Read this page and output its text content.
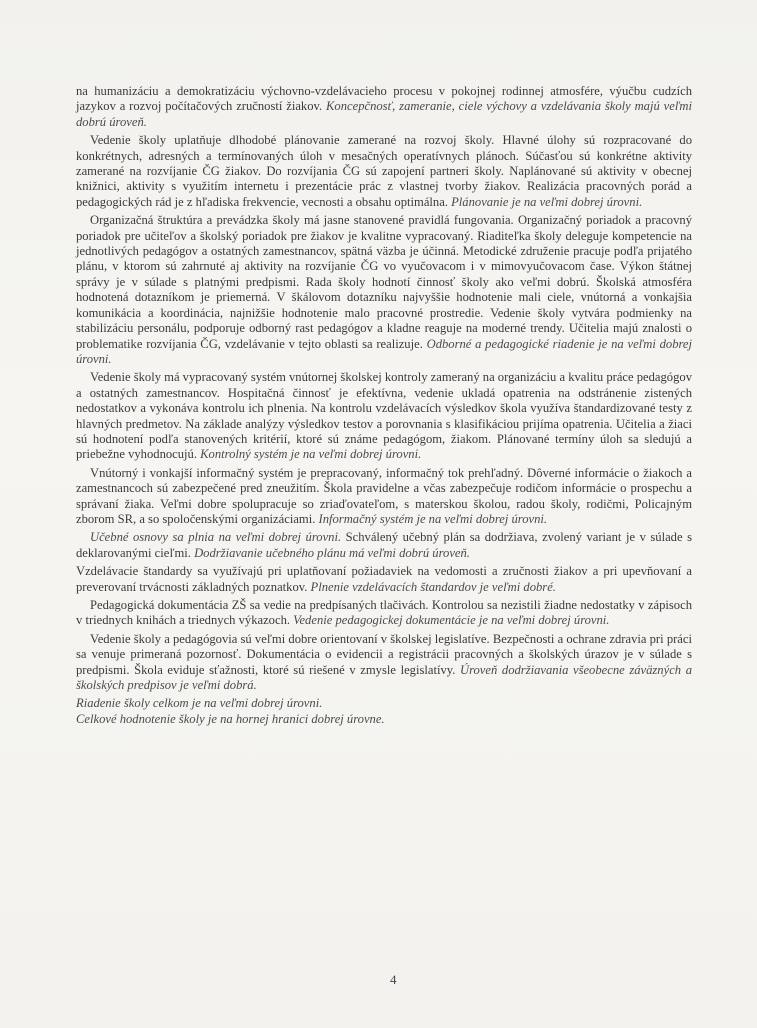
na humanizáciu a demokratizáciu výchovno-vzdelávacieho procesu v pokojnej rodinnej atmosfére, výučbu cudzích jazykov a rozvoj počítačových zručností žiakov. Koncepčnosť, zameranie, ciele výchovy a vzdelávania školy majú veľmi dobrú úroveň.

Vedenie školy uplatňuje dlhodobé plánovanie zamerané na rozvoj školy. Hlavné úlohy sú rozpracované do konkrétnych, adresných a termínovaných úloh v mesačných operatívnych plánoch. Súčasťou sú konkrétne aktivity zamerané na rozvíjanie ČG žiakov. Do rozvíjania ČG sú zapojení partneri školy. Naplánované sú aktivity v obecnej knižnici, aktivity s využitím internetu i prezentácie prác z vlastnej tvorby žiakov. Realizácia pracovných porád a pedagogických rád je z hľadiska frekvencie, vecnosti a obsahu optimálna. Plánovanie je na veľmi dobrej úrovni.

Organizačná štruktúra a prevádzka školy má jasne stanovené pravidlá fungovania. Organizačný poriadok a pracovný poriadok pre učiteľov a školský poriadok pre žiakov je kvalitne vypracovaný. Riaditeľka školy deleguje kompetencie na jednotlivých pedagógov a ostatných zamestnancov, spätná väzba je účinná. Metodické združenie pracuje podľa prijatého plánu, v ktorom sú zahrnuté aj aktivity na rozvíjanie ČG vo vyučovacom i v mimovyučovacom čase. Výkon štátnej správy je v súlade s platnými predpismi. Rada školy hodnotí činnosť školy ako veľmi dobrú. Školská atmosféra hodnotená dotazníkom je priemerná. V škálovom dotazníku najvyššie hodnotenie mali ciele, vnútorná a vonkajšia komunikácia a koordinácia, najnižšie hodnotenie malo pracovné prostredie. Vedenie školy vytvára podmienky na stabilizáciu personálu, podporuje odborný rast pedagógov a kladne reaguje na moderné trendy. Učitelia majú znalosti o problematike rozvíjania ČG, vzdelávanie v tejto oblasti sa realizuje. Odborné a pedagogické riadenie je na veľmi dobrej úrovni.

Vedenie školy má vypracovaný systém vnútornej školskej kontroly zameraný na organizáciu a kvalitu práce pedagógov a ostatných zamestnancov. Hospitačná činnosť je efektívna, vedenie ukladá opatrenia na odstránenie zistených nedostatkov a vykonáva kontrolu ich plnenia. Na kontrolu vzdelávacích výsledkov škola využíva štandardizované testy z hlavných predmetov. Na základe analýzy výsledkov testov a porovnania s klasifikáciou prijíma opatrenia. Učitelia a žiaci sú hodnotení podľa stanovených kritérií, ktoré sú známe pedagógom, žiakom. Plánované termíny úloh sa sledujú a priebežne vyhodnocujú. Kontrolný systém je na veľmi dobrej úrovni.

Vnútorný i vonkajší informačný systém je prepracovaný, informačný tok prehľadný. Dôverné informácie o žiakoch a zamestnancoch sú zabezpečené pred zneužitím. Škola pravidelne a včas zabezpečuje rodičom informácie o prospechu a správaní žiaka. Veľmi dobre spolupracuje so zriaďovateľom, s materskou školou, radou školy, rodičmi, Policajným zborom SR, a so spoločenskými organizáciami. Informačný systém je na veľmi dobrej úrovni.

Učebné osnovy sa plnia na veľmi dobrej úrovni. Schválený učebný plán sa dodržiava, zvolený variant je v súlade s deklarovanými cieľmi. Dodržiavanie učebného plánu má veľmi dobrú úroveň.

Vzdelávacie štandardy sa využívajú pri uplatňovaní požiadaviek na vedomosti a zručnosti žiakov a pri upevňovaní a preverovaní trvácnosti základných poznatkov. Plnenie vzdelávacích štandardov je veľmi dobré.

Pedagogická dokumentácia ZŠ sa vedie na predpísaných tlačivách. Kontrolou sa nezistili žiadne nedostatky v zápisoch v triednych knihách a triednych výkazoch. Vedenie pedagogickej dokumentácie je na veľmi dobrej úrovni.

Vedenie školy a pedagógovia sú veľmi dobre orientovaní v školskej legislatíve. Bezpečnosti a ochrane zdravia pri práci sa venuje primeraná pozornosť. Dokumentácia o evidencii a registrácii pracovných a školských úrazov je v súlade s predpismi. Škola eviduje sťažnosti, ktoré sú riešené v zmysle legislatívy. Úroveň dodržiavania všeobecne záväzných a školských predpisov je veľmi dobrá.

Riadenie školy celkom je na veľmi dobrej úrovni.

Celkové hodnotenie školy je na hornej hranici dobrej úrovne.

4
